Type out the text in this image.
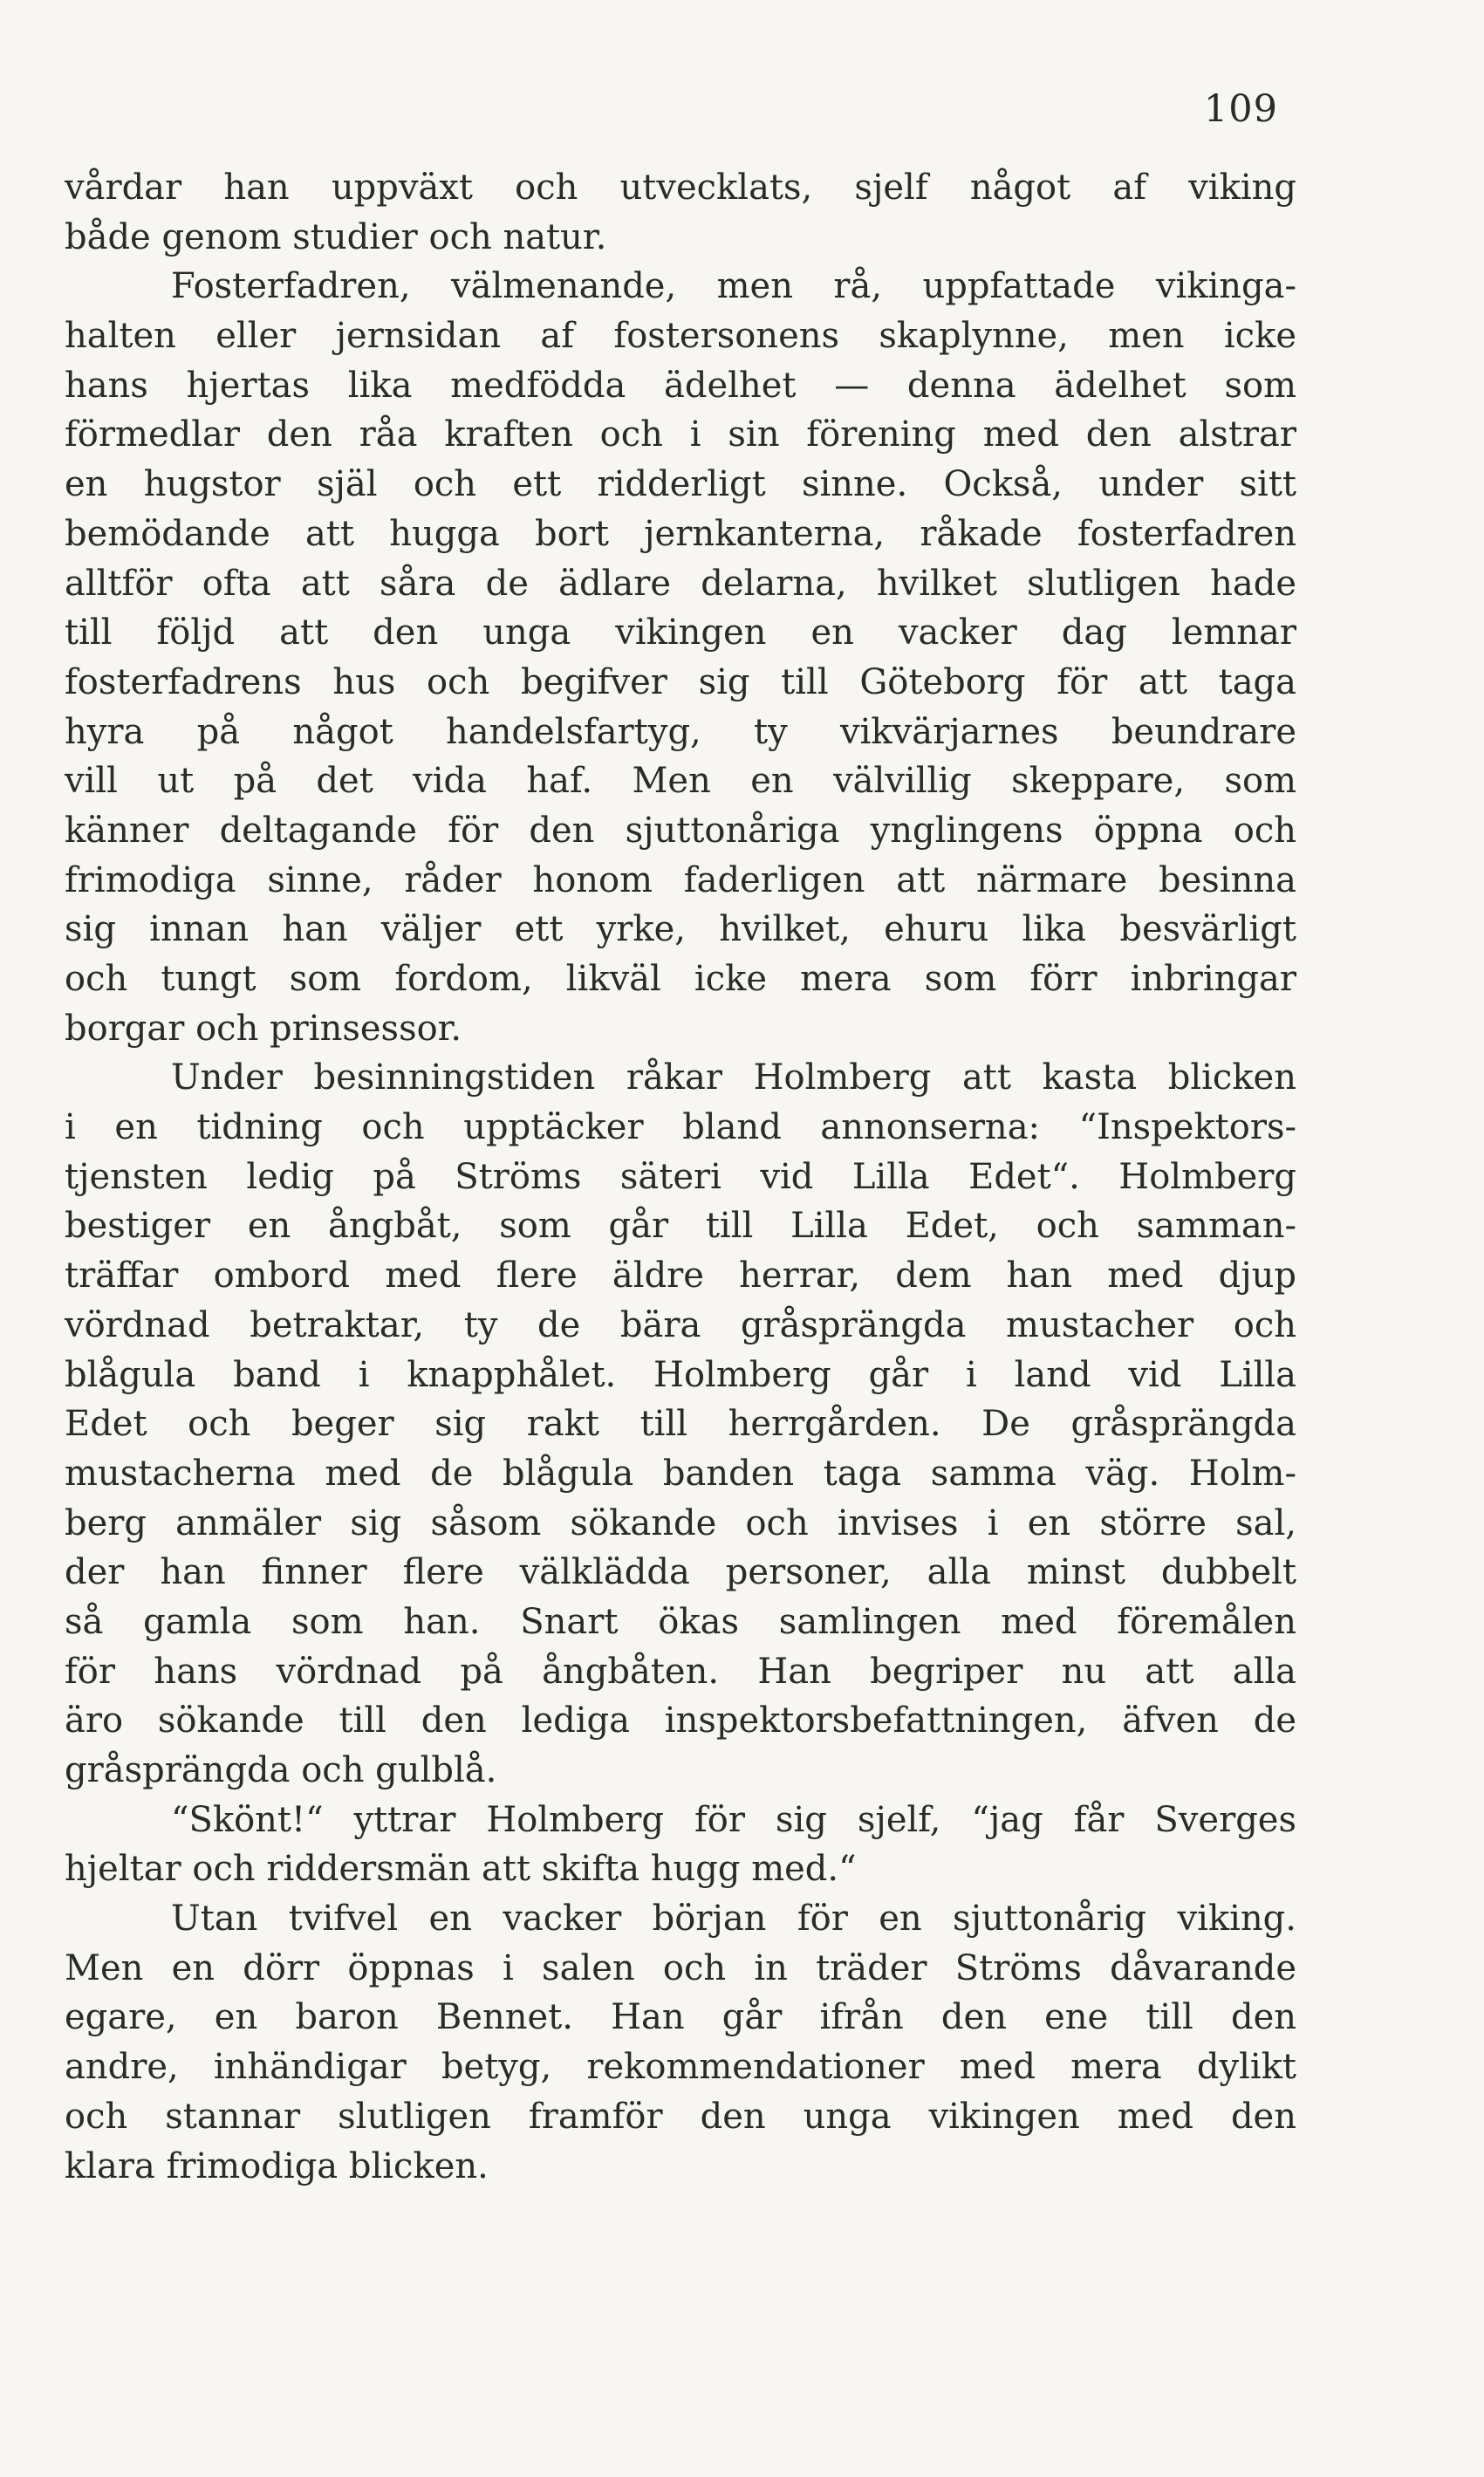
109
vårdar han uppväxt och utvecklats, sjelf något af viking
både genom studier och natur.
Fosterfadren, välmenande, men rå, uppfattade vikinga-
halten eller jernsidan af fostersonens skaplynne, men icke
hans hjertas lika medfödda ädelhet — denna ädelhet som
förmedlar den råa kraften och i sin förening med den alstrar
en hugstor själ och ett ridderligt sinne. Också, under sitt
bemödande att hugga bort jernkanterna, råkade fosterfadren
alltför ofta att såra de ädlare delarna, hvilket slutligen hade
till följd att den unga vikingen en vacker dag lemnar
fosterfadrens hus och begifver sig till Göteborg för att taga
hyra på något handelsfartyg, ty vikvärjarnes beundrare
vill ut på det vida haf. Men en välvillig skeppare, som
känner deltagande för den sjuttonåriga ynglingens öppna och
frimodiga sinne, råder honom faderligen att närmare besinna
sig innan han väljer ett yrke, hvilket, ehuru lika besvärligt
och tungt som fordom, likväl icke mera som förr inbringar
borgar och prinsessor.
Under besinningstiden råkar Holmberg att kasta blicken
i en tidning och upptäcker bland annonserna: “Inspektors-
tjensten ledig på Ströms säteri vid Lilla Edet“. Holmberg
bestiger en ångbåt, som går till Lilla Edet, och samman-
träffar ombord med flere äldre herrar, dem han med djup
vördnad betraktar, ty de bära gråsprängda mustacher och
blågula band i knapphålet. Holmberg går i land vid Lilla
Edet och beger sig rakt till herrgården. De gråsprängda
mustacherna med de blågula banden taga samma väg. Holm-
berg anmäler sig såsom sökande och invises i en större sal,
der han finner flere välklädda personer, alla minst dubbelt
så gamla som han. Snart ökas samlingen med föremålen
för hans vördnad på ångbåten. Han begriper nu att alla
äro sökande till den lediga inspektorsbefattningen, äfven de
gråsprängda och gulblå.
“Skönt!“ yttrar Holmberg för sig sjelf, “jag får Sverges
hjeltar och riddersmän att skifta hugg med.“
Utan tvifvel en vacker början för en sjuttonårig viking.
Men en dörr öppnas i salen och in träder Ströms dåvarande
egare, en baron Bennet. Han går ifrån den ene till den
andre, inhändigar betyg, rekommendationer med mera dylikt
och stannar slutligen framför den unga vikingen med den
klara frimodiga blicken.
